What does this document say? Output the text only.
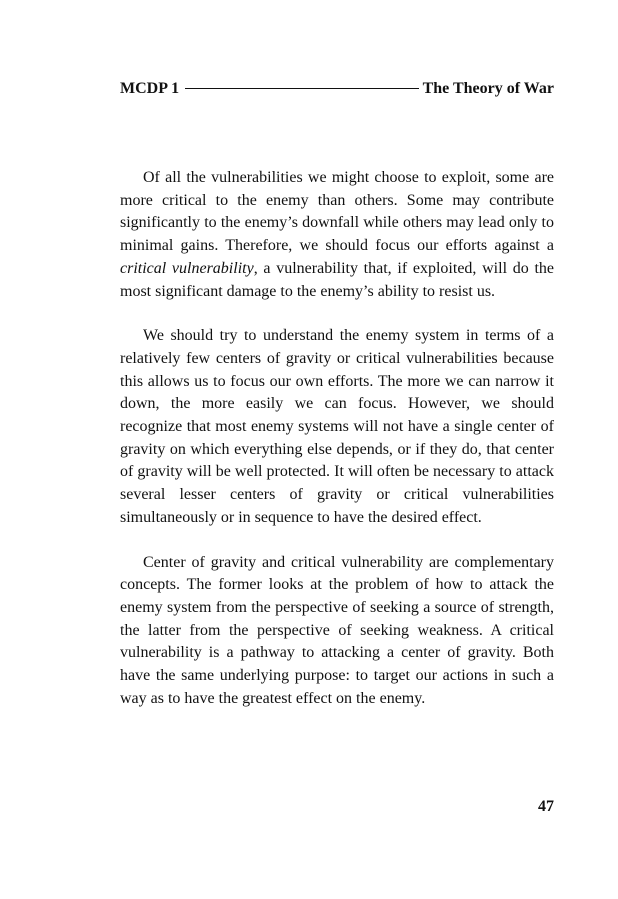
MCDP 1	The Theory of War

Of all the vulnerabilities we might choose to exploit, some are more critical to the enemy than others. Some may contribute significantly to the enemy’s downfall while others may lead only to minimal gains. Therefore, we should focus our efforts against a critical vulnerability, a vulnerability that, if exploited, will do the most significant damage to the enemy’s ability to resist us.

We should try to understand the enemy system in terms of a relatively few centers of gravity or critical vulnerabilities because this allows us to focus our own efforts. The more we can narrow it down, the more easily we can focus. However, we should recognize that most enemy systems will not have a single center of gravity on which everything else depends, or if they do, that center of gravity will be well protected. It will often be necessary to attack several lesser centers of gravity or critical vulnerabilities simultaneously or in sequence to have the desired effect.

Center of gravity and critical vulnerability are complementary concepts. The former looks at the problem of how to attack the enemy system from the perspective of seeking a source of strength, the latter from the perspective of seeking weakness. A critical vulnerability is a pathway to attacking a center of gravity. Both have the same underlying purpose: to target our actions in such a way as to have the greatest effect on the enemy.

47
